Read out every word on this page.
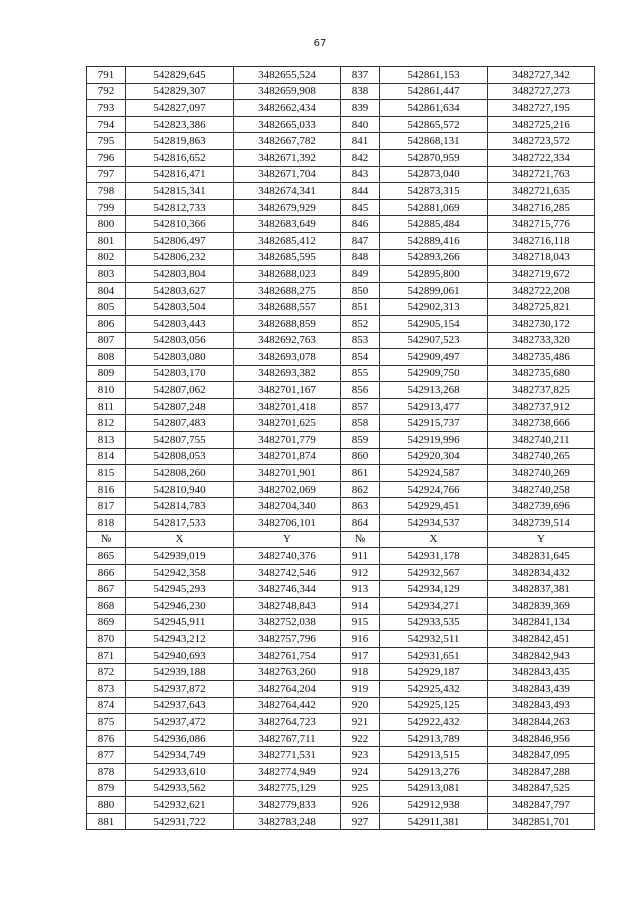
67
791	542829,645	3482655,524	837	542861,153	3482727,342
792	542829,307	3482659,908	838	542861,447	3482727,273
793	542827,097	3482662,434	839	542861,634	3482727,195
794	542823,386	3482665,033	840	542865,572	3482725,216
795	542819,863	3482667,782	841	542868,131	3482723,572
796	542816,652	3482671,392	842	542870,959	3482722,334
797	542816,471	3482671,704	843	542873,040	3482721,763
798	542815,341	3482674,341	844	542873,315	3482721,635
799	542812,733	3482679,929	845	542881,069	3482716,285
800	542810,366	3482683,649	846	542885,484	3482715,776
801	542806,497	3482685,412	847	542889,416	3482716,118
802	542806,232	3482685,595	848	542893,266	3482718,043
803	542803,804	3482688,023	849	542895,800	3482719,672
804	542803,627	3482688,275	850	542899,061	3482722,208
805	542803,504	3482688,557	851	542902,313	3482725,821
806	542803,443	3482688,859	852	542905,154	3482730,172
807	542803,056	3482692,763	853	542907,523	3482733,320
808	542803,080	3482693,078	854	542909,497	3482735,486
809	542803,170	3482693,382	855	542909,750	3482735,680
810	542807,062	3482701,167	856	542913,268	3482737,825
811	542807,248	3482701,418	857	542913,477	3482737,912
812	542807,483	3482701,625	858	542915,737	3482738,666
813	542807,755	3482701,779	859	542919,996	3482740,211
814	542808,053	3482701,874	860	542920,304	3482740,265
815	542808,260	3482701,901	861	542924,587	3482740,269
816	542810,940	3482702,069	862	542924,766	3482740,258
817	542814,783	3482704,340	863	542929,451	3482739,696
818	542817,533	3482706,101	864	542934,537	3482739,514
№	X	Y	№	X	Y
865	542939,019	3482740,376	911	542931,178	3482831,645
866	542942,358	3482742,546	912	542932,567	3482834,432
867	542945,293	3482746,344	913	542934,129	3482837,381
868	542946,230	3482748,843	914	542934,271	3482839,369
869	542945,911	3482752,038	915	542933,535	3482841,134
870	542943,212	3482757,796	916	542932,511	3482842,451
871	542940,693	3482761,754	917	542931,651	3482842,943
872	542939,188	3482763,260	918	542929,187	3482843,435
873	542937,872	3482764,204	919	542925,432	3482843,439
874	542937,643	3482764,442	920	542925,125	3482843,493
875	542937,472	3482764,723	921	542922,432	3482844,263
876	542936,086	3482767,711	922	542913,789	3482846,956
877	542934,749	3482771,531	923	542913,515	3482847,095
878	542933,610	3482774,949	924	542913,276	3482847,288
879	542933,562	3482775,129	925	542913,081	3482847,525
880	542932,621	3482779,833	926	542912,938	3482847,797
881	542931,722	3482783,248	927	542911,381	3482851,701
